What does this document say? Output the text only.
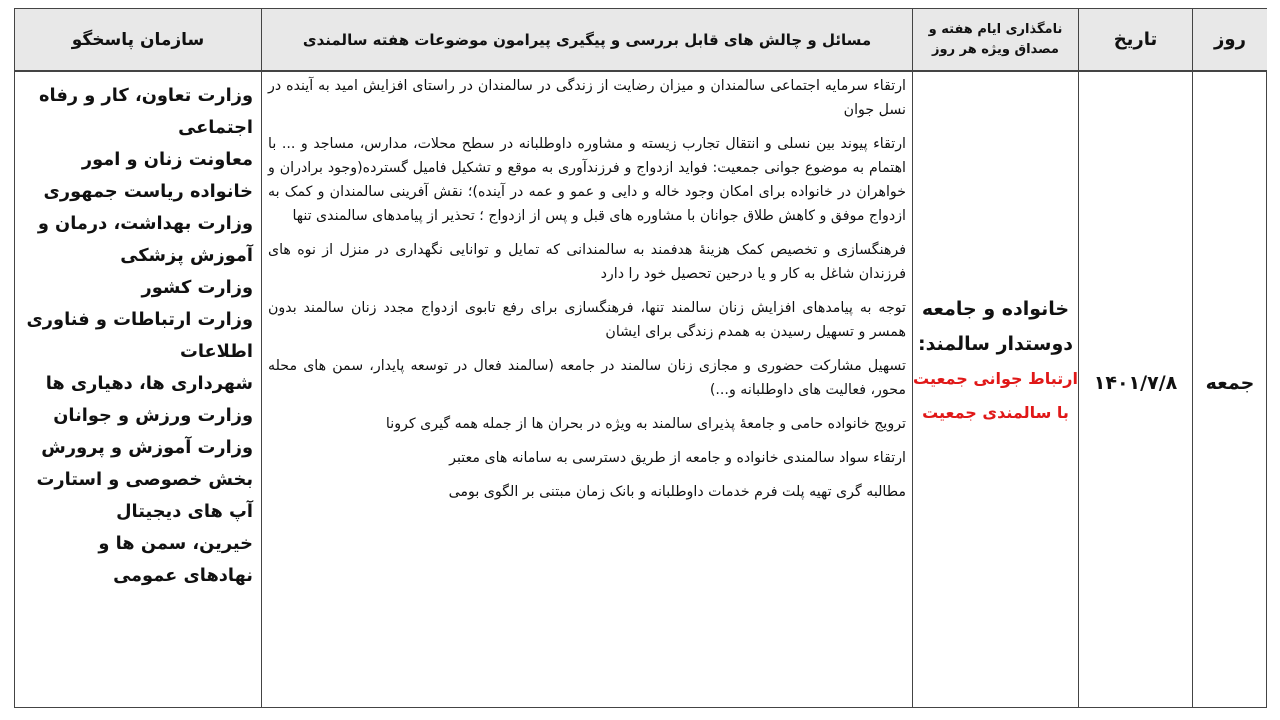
روز
تاریخ
نامگذاری ایام هفته و مصداق ویژه هر روز
مسائل و چالش های قابل بررسی و پیگیری پیرامون موضوعات هفته سالمندی
سازمان پاسخگو
جمعه
۱۴۰۱/۷/۸
خانواده و جامعه دوستدار سالمند:
ارتباط جوانی جمعیت با سالمندی جمعیت

ارتقاء سرمایه اجتماعی سالمندان و میزان رضایت از زندگی در سالمندان در راستای افزایش امید به آینده در نسل جوان

ارتقاء پیوند بین نسلی و انتقال تجارب زیسته و مشاوره داوطلبانه در سطح محلات، مدارس، مساجد و ... با اهتمام به موضوع جوانی جمعیت: فواید ازدواج و فرزندآوری به موقع و تشکیل فامیل گسترده(وجود برادران و خواهران در خانواده برای امکان وجود خاله و دایی و عمو و عمه در آینده)؛ نقش آفرینی سالمندان و کمک به ازدواج موفق و کاهش طلاق جوانان با مشاوره های قبل و پس از ازدواج ؛ تحذیر از پیامدهای سالمندی تنها

فرهنگسازی و تخصیص کمک هزینهٔ هدفمند به سالمندانی که تمایل و توانایی نگهداری در منزل از نوه های فرزندان شاغل به کار و یا درحین تحصیل خود را دارد

توجه به پیامدهای افزایش زنان سالمند تنها، فرهنگسازی برای رفع تابوی ازدواج مجدد زنان سالمند بدون همسر و تسهیل رسیدن به همدم زندگی برای ایشان

تسهیل مشارکت حضوری و مجازی زنان سالمند در جامعه (سالمند فعال در توسعه پایدار، سمن های محله محور، فعالیت های داوطلبانه و...)

ترویج خانواده حامی و جامعهٔ پذیرای سالمند به ویژه در بحران ها از جمله همه گیری کرونا

ارتقاء سواد سالمندی خانواده و جامعه از طریق دسترسی به سامانه های معتبر

مطالبه گری تهیه پلت فرم خدمات داوطلبانه و بانک زمان مبتنی بر الگوی بومی

وزارت تعاون، کار و رفاه اجتماعی
معاونت زنان و امور خانواده ریاست جمهوری
وزارت بهداشت، درمان و آموزش پزشکی
وزارت کشور
وزارت ارتباطات و فناوری اطلاعات
شهرداری ها، دهیاری ها
وزارت ورزش و جوانان
وزارت آموزش و پرورش
بخش خصوصی و استارت آپ های دیجیتال
خیرین، سمن ها و نهادهای عمومی
